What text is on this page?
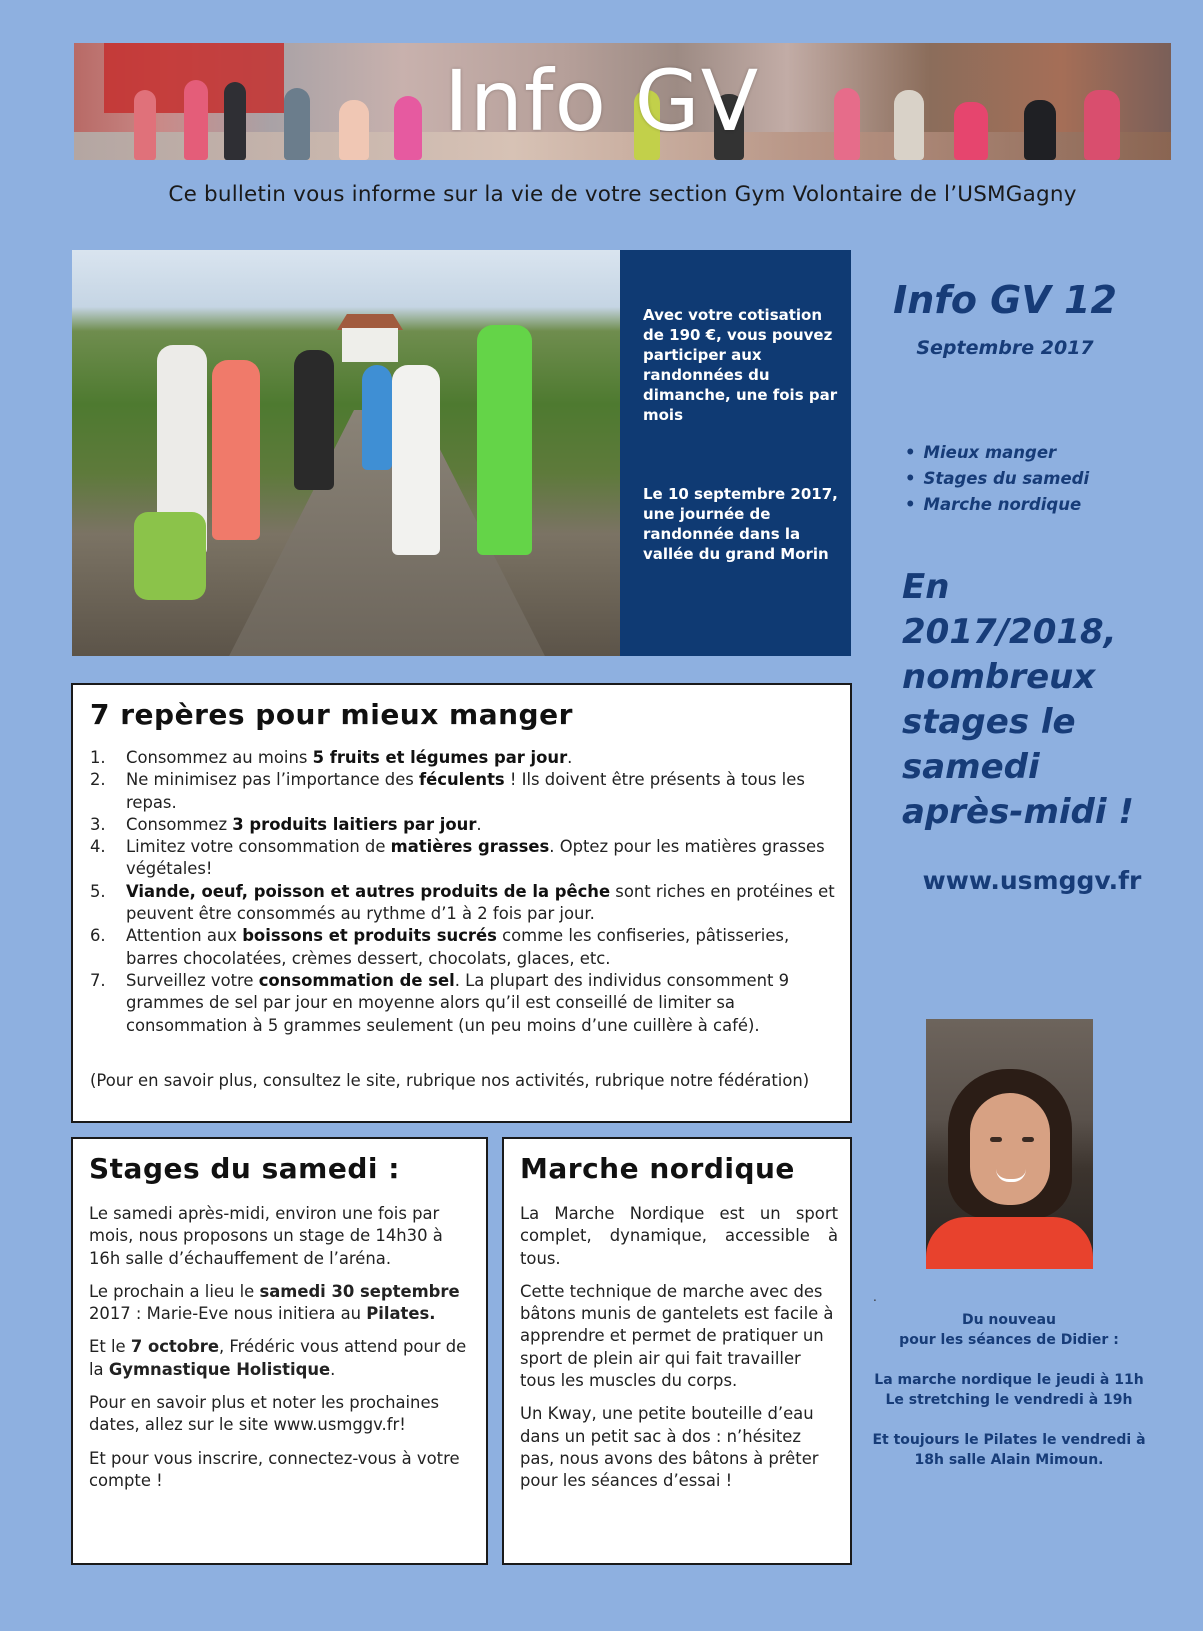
Info GV
Ce bulletin vous informe sur la vie de votre section Gym Volontaire de l’USMGagny

Avec votre cotisation de 190 €, vous pouvez participer aux randonnées du dimanche, une fois par mois

Le 10 septembre 2017, une journée de randonnée dans la vallée du grand Morin

Info GV 12
Septembre 2017
• Mieux manger
• Stages du samedi
• Marche nordique
En 2017/2018, nombreux stages le samedi après-midi !
www.usmggv.fr
.

Du nouveau
pour les séances de Didier :

La marche nordique le jeudi à 11h
Le stretching le vendredi à 19h

Et toujours le Pilates le vendredi à
18h salle Alain Mimoun.

7 repères pour mieux manger
1. Consommez au moins 5 fruits et légumes par jour.
2. Ne minimisez pas l’importance des féculents ! Ils doivent être présents à tous les repas.
3. Consommez 3 produits laitiers par jour.
4. Limitez votre consommation de matières grasses. Optez pour les matières grasses végétales!
5. Viande, oeuf, poisson et autres produits de la pêche sont riches en protéines et peuvent être consommés au rythme d’1 à 2 fois par jour.
6. Attention aux boissons et produits sucrés comme les confiseries, pâtisseries, barres chocolatées, crèmes dessert, chocolats, glaces, etc.
7. Surveillez votre consommation de sel. La plupart des individus consomment 9 grammes de sel par jour en moyenne alors qu’il est conseillé de limiter sa consommation à 5 grammes seulement (un peu moins d’une cuillère à café).
(Pour en savoir plus, consultez le site, rubrique nos activités, rubrique notre fédération)
Stages du samedi :

Le samedi après-midi, environ une fois par mois, nous proposons un stage de 14h30 à 16h salle d’échauffement de l’aréna.

Le prochain a lieu le samedi 30 septembre 2017 : Marie-Eve nous initiera au Pilates.

Et le 7 octobre, Frédéric vous attend pour de la Gymnastique Holistique.

Pour en savoir plus et noter les prochaines dates, allez sur le site www.usmggv.fr!

Et pour vous inscrire, connectez-vous à votre compte !

Marche nordique

La Marche Nordique est un sport complet, dynamique, accessible à tous.

Cette technique de marche avec des bâtons munis de gantelets est facile à apprendre et permet de pratiquer un sport de plein air qui fait travailler tous les muscles du corps.

Un Kway, une petite bouteille d’eau dans un petit sac à dos : n’hésitez pas, nous avons des bâtons à prêter pour les séances d’essai !
